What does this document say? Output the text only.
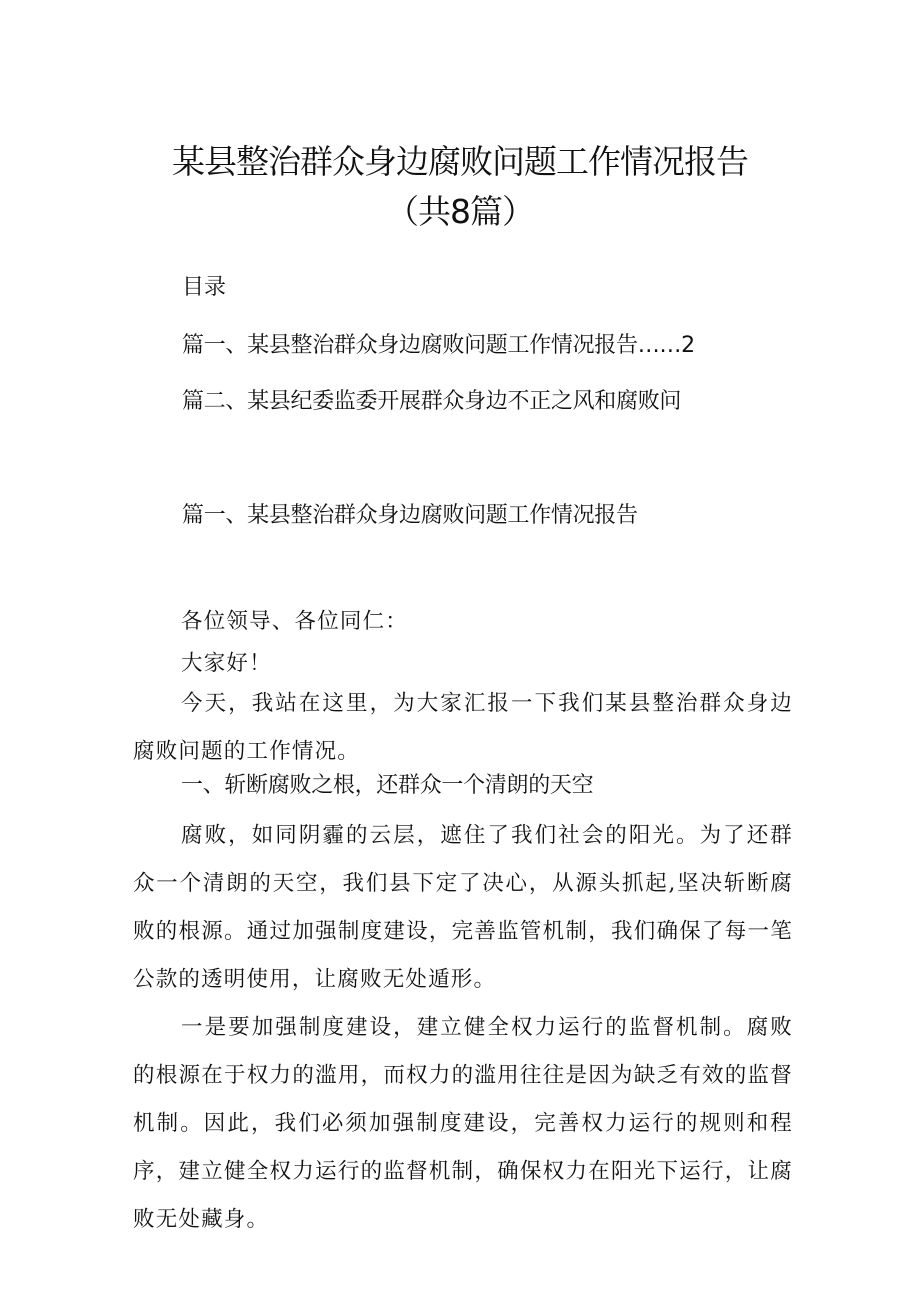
某县整治群众身边腐败问题工作情况报告
（共8篇）
目录
篇一、某县整治群众身边腐败问题工作情况报告……2
篇二、某县纪委监委开展群众身边不正之风和腐败问
篇一、某县整治群众身边腐败问题工作情况报告
各位领导、各位同仁：
大家好！
今天，我站在这里，为大家汇报一下我们某县整治群众身边腐败问题的工作情况。
一、斩断腐败之根，还群众一个清朗的天空
腐败，如同阴霾的云层，遮住了我们社会的阳光。为了还群众一个清朗的天空，我们县下定了决心，从源头抓起,坚决斩断腐败的根源。通过加强制度建设，完善监管机制，我们确保了每一笔公款的透明使用，让腐败无处遁形。
一是要加强制度建设，建立健全权力运行的监督机制。腐败的根源在于权力的滥用，而权力的滥用往往是因为缺乏有效的监督机制。因此，我们必须加强制度建设，完善权力运行的规则和程序，建立健全权力运行的监督机制，确保权力在阳光下运行，让腐败无处藏身。
